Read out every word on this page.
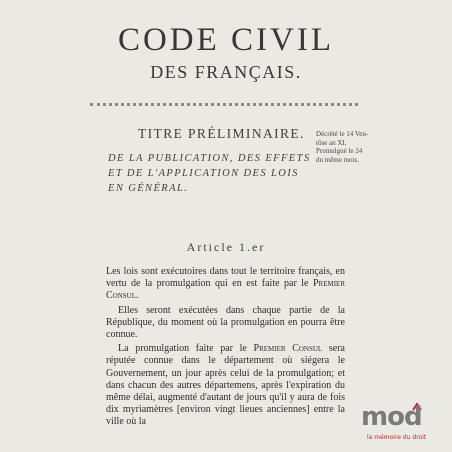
CODE CIVIL
DES FRANÇAIS.
TITRE PRÉLIMINAIRE.
DE LA PUBLICATION, DES EFFETS ET DE L'APPLICATION DES LOIS EN GÉNÉRAL.
Décrété le 14 Ven-
tôse an XI.
Promulgué le 24
du même mois.
Article 1.er

Les lois sont exécutoires dans tout le territoire français, en vertu de la promulgation qui en est faite par le Premier Consul.

Elles seront exécutées dans chaque partie de la République, du moment où la promulgation en pourra être connue.

La promulgation faite par le Premier Consul sera réputée connue dans le département où siégera le Gouvernement, un jour après celui de la promulgation; et dans chacun des autres départemens, après l'expiration du même délai, augmenté d'autant de jours qu'il y aura de fois dix myriamètres [environ vingt lieues anciennes] entre la ville où la	mod
la mémoire du droit
